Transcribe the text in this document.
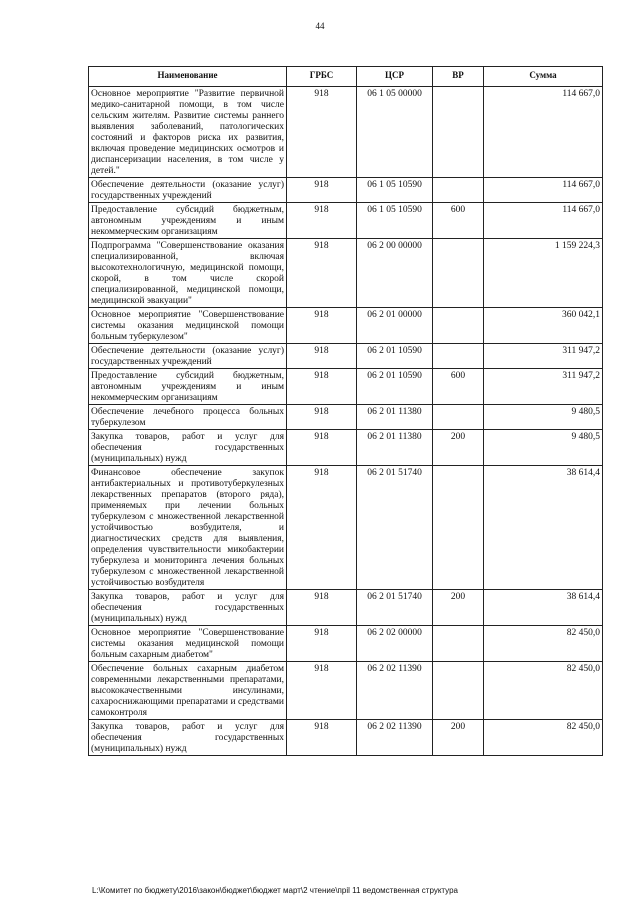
44
Наименование	ГРБС	ЦСР	ВР	Сумма
Основное мероприятие "Развитие первичной медико-санитарной помощи, в том числе сельским жителям. Развитие системы раннего выявления заболеваний, патологических состояний и факторов риска их развития, включая проведение медицинских осмотров и диспансеризации населения, в том числе у детей."	918	06 1 05 00000		114 667,0
Обеспечение деятельности (оказание услуг) государственных учреждений	918	06 1 05 10590		114 667,0
Предоставление субсидий бюджетным, автономным учреждениям и иным некоммерческим организациям	918	06 1 05 10590	600	114 667,0
Подпрограмма "Совершенствование оказания специализированной, включая высокотехнологичную, медицинской помощи, скорой, в том числе скорой специализированной, медицинской помощи, медицинской эвакуации"	918	06 2 00 00000		1 159 224,3
Основное мероприятие "Совершенствование системы оказания медицинской помощи больным туберкулезом"	918	06 2 01 00000		360 042,1
Обеспечение деятельности (оказание услуг) государственных учреждений	918	06 2 01 10590		311 947,2
Предоставление субсидий бюджетным, автономным учреждениям и иным некоммерческим организациям	918	06 2 01 10590	600	311 947,2
Обеспечение лечебного процесса больных туберкулезом	918	06 2 01 11380		9 480,5
Закупка товаров, работ и услуг для обеспечения государственных (муниципальных) нужд	918	06 2 01 11380	200	9 480,5
Финансовое обеспечение закупок антибактериальных и противотуберкулезных лекарственных препаратов (второго ряда), применяемых при лечении больных туберкулезом с множественной лекарственной устойчивостью возбудителя, и диагностических средств для выявления, определения чувствительности микобактерии туберкулеза и мониторинга лечения больных туберкулезом с множественной лекарственной устойчивостью возбудителя	918	06 2 01 51740		38 614,4
Закупка товаров, работ и услуг для обеспечения государственных (муниципальных) нужд	918	06 2 01 51740	200	38 614,4
Основное мероприятие "Совершенствование системы оказания медицинской помощи больным сахарным диабетом"	918	06 2 02 00000		82 450,0
Обеспечение больных сахарным диабетом современными лекарственными препаратами, высококачественными инсулинами, сахароснижающими препаратами и средствами самоконтроля	918	06 2 02 11390		82 450,0
Закупка товаров, работ и услуг для обеспечения государственных (муниципальных) нужд	918	06 2 02 11390	200	82 450,0
L:\Комитет по бюджету\2016\закон\бюджет\бюджет март\2 чтение\прil 11 ведомственная структура
